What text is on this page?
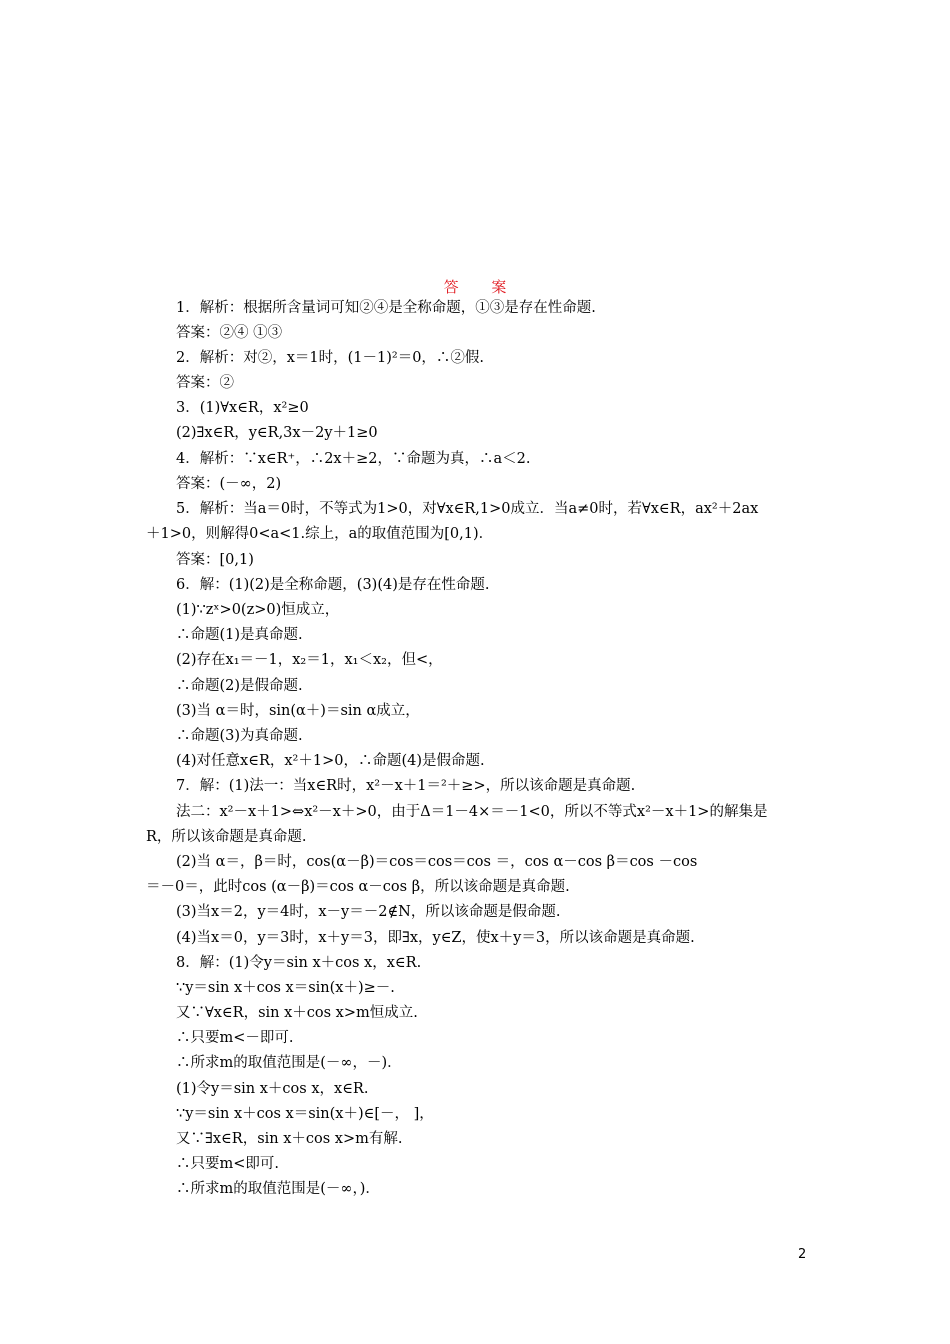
答 案
1．解析：根据所含量词可知②④是全称命题，①③是存在性命题.
答案：②④ ①③
2．解析：对②，x＝1时，(1－1)²＝0，∴②假.
答案：②
3．(1)∀x∈R，x²≥0
(2)∃x∈R，y∈R,3x－2y＋1≥0
4．解析：∵x∈R⁺，∴2x＋≥2，∵命题为真，∴a＜2.
答案：(－∞，2)
5．解析：当a＝0时，不等式为1>0，对∀x∈R,1>0成立．当a≠0时，若∀x∈R，ax²＋2ax
＋1>0，则解得0<a<1.综上，a的取值范围为[0,1)．
答案：[0,1)
6．解：(1)(2)是全称命题，(3)(4)是存在性命题.
(1)∵zˣ>0(z>0)恒成立，
∴命题(1)是真命题.
(2)存在x₁＝－1，x₂＝1，x₁＜x₂，但<，
∴命题(2)是假命题.
(3)当 α＝时，sin(α＋)＝sin α成立，
∴命题(3)为真命题.
(4)对任意x∈R，x²＋1>0，∴命题(4)是假命题.
7．解：(1)法一：当x∈R时，x²－x＋1＝²＋≥>，所以该命题是真命题.
法二：x²－x＋1>⇔x²－x＋>0，由于Δ＝1－4×＝－1<0，所以不等式x²－x＋1>的解集是
R，所以该命题是真命题.
(2)当 α＝，β＝时，cos(α－β)＝cos＝cos＝cos ＝，cos α－cos β＝cos －cos
＝－0＝，此时cos (α－β)＝cos α－cos β，所以该命题是真命题.
(3)当x＝2，y＝4时，x－y＝－2∉N，所以该命题是假命题.
(4)当x＝0，y＝3时，x＋y＝3，即∃x，y∈Z，使x＋y＝3，所以该命题是真命题.
8．解：(1)令y＝sin x＋cos x，x∈R.
∵y＝sin x＋cos x＝sin(x＋)≥－.
又∵∀x∈R，sin x＋cos x>m恒成立.
∴只要m<－即可.
∴所求m的取值范围是(－∞，－)．
(1)令y＝sin x＋cos x，x∈R.
∵y＝sin x＋cos x＝sin(x＋)∈[－， ]，
又∵∃x∈R，sin x＋cos x>m有解.
∴只要m<即可.
∴所求m的取值范围是(－∞，)．
2
